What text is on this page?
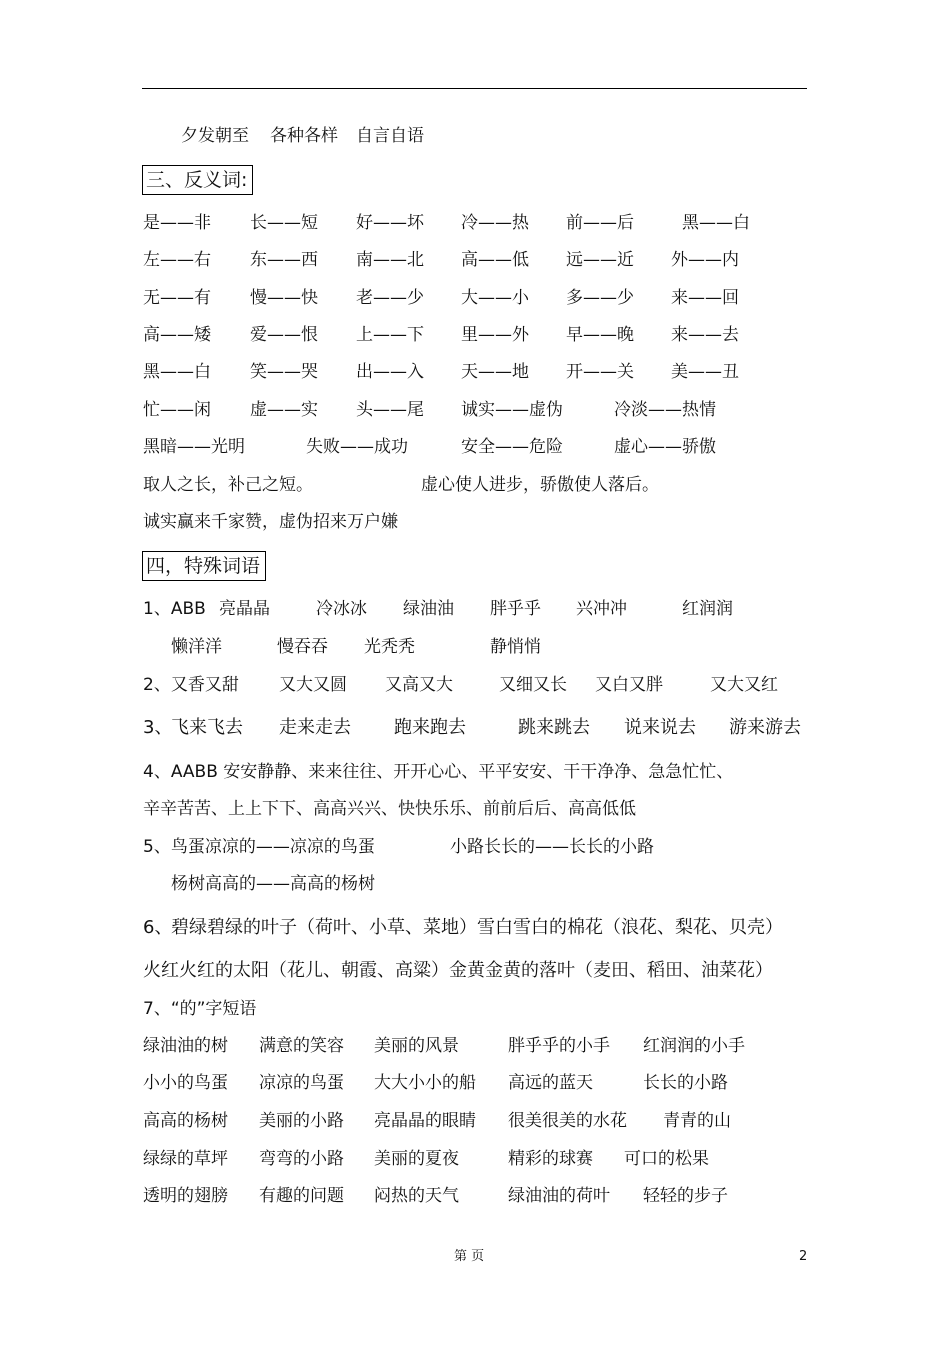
夕发朝至 各种各样 自言自语
三、反义词:
是——非 长——短 好——坏 冷——热 前——后	黑——白
左——右 东——西 南——北 高——低 远——近 外——内
无——有 慢——快 老——少 大——小 多——少 来——回
高——矮 爱——恨 上——下 里——外 早——晚 来——去
黑——白 笑——哭 出——入 天——地 开——关 美——丑
忙——闲 虚——实 头——尾 诚实——虚伪	冷淡——热情
黑暗——光明	失败——成功	安全——危险	虚心——骄傲
取人之长，补己之短。	虚心使人进步，骄傲使人落后。
诚实赢来千家赞，虚伪招来万户嫌
四，特殊词语
1、ABB 亮晶晶	冷冰冰 绿油油 胖乎乎 兴冲冲	红润润
懒洋洋	慢吞吞 光秃秃	静悄悄
2、又香又甜 又大又圆 又高又大	又细又长 又白又胖	又大又红
3、
飞来飞去 走来走去 跑来跑去	跳来跳去 说来说去 游来游去
4、AABB 安安静静、来来往往、开开心心、平平安安、干干净净、急急忙忙、
辛辛苦苦、上上下下、高高兴兴、快快乐乐、前前后后、高高低低
5、鸟蛋凉凉的——凉凉的鸟蛋	小路长长的——长长的小路
杨树高高的——高高的杨树
6、
碧绿碧绿的叶子（荷叶、小草、菜地）雪白雪白的棉花（浪花、梨花、贝壳）
火红火红的太阳（花儿、朝霞、高粱）金黄金黄的落叶（麦田、稻田、油菜花）
7、“的”字短语
绿油油的树 满意的笑容 美丽的风景	胖乎乎的小手 红润润的小手
小小的鸟蛋 凉凉的鸟蛋 大大小小的船 高远的蓝天	长长的小路
高高的杨树 美丽的小路 亮晶晶的眼睛 很美很美的水花 青青的山
绿绿的草坪 弯弯的小路 美丽的夏夜	精彩的球赛 可口的松果
透明的翅膀 有趣的问题 闷热的天气	绿油油的荷叶 轻轻的步子
第 页	2
